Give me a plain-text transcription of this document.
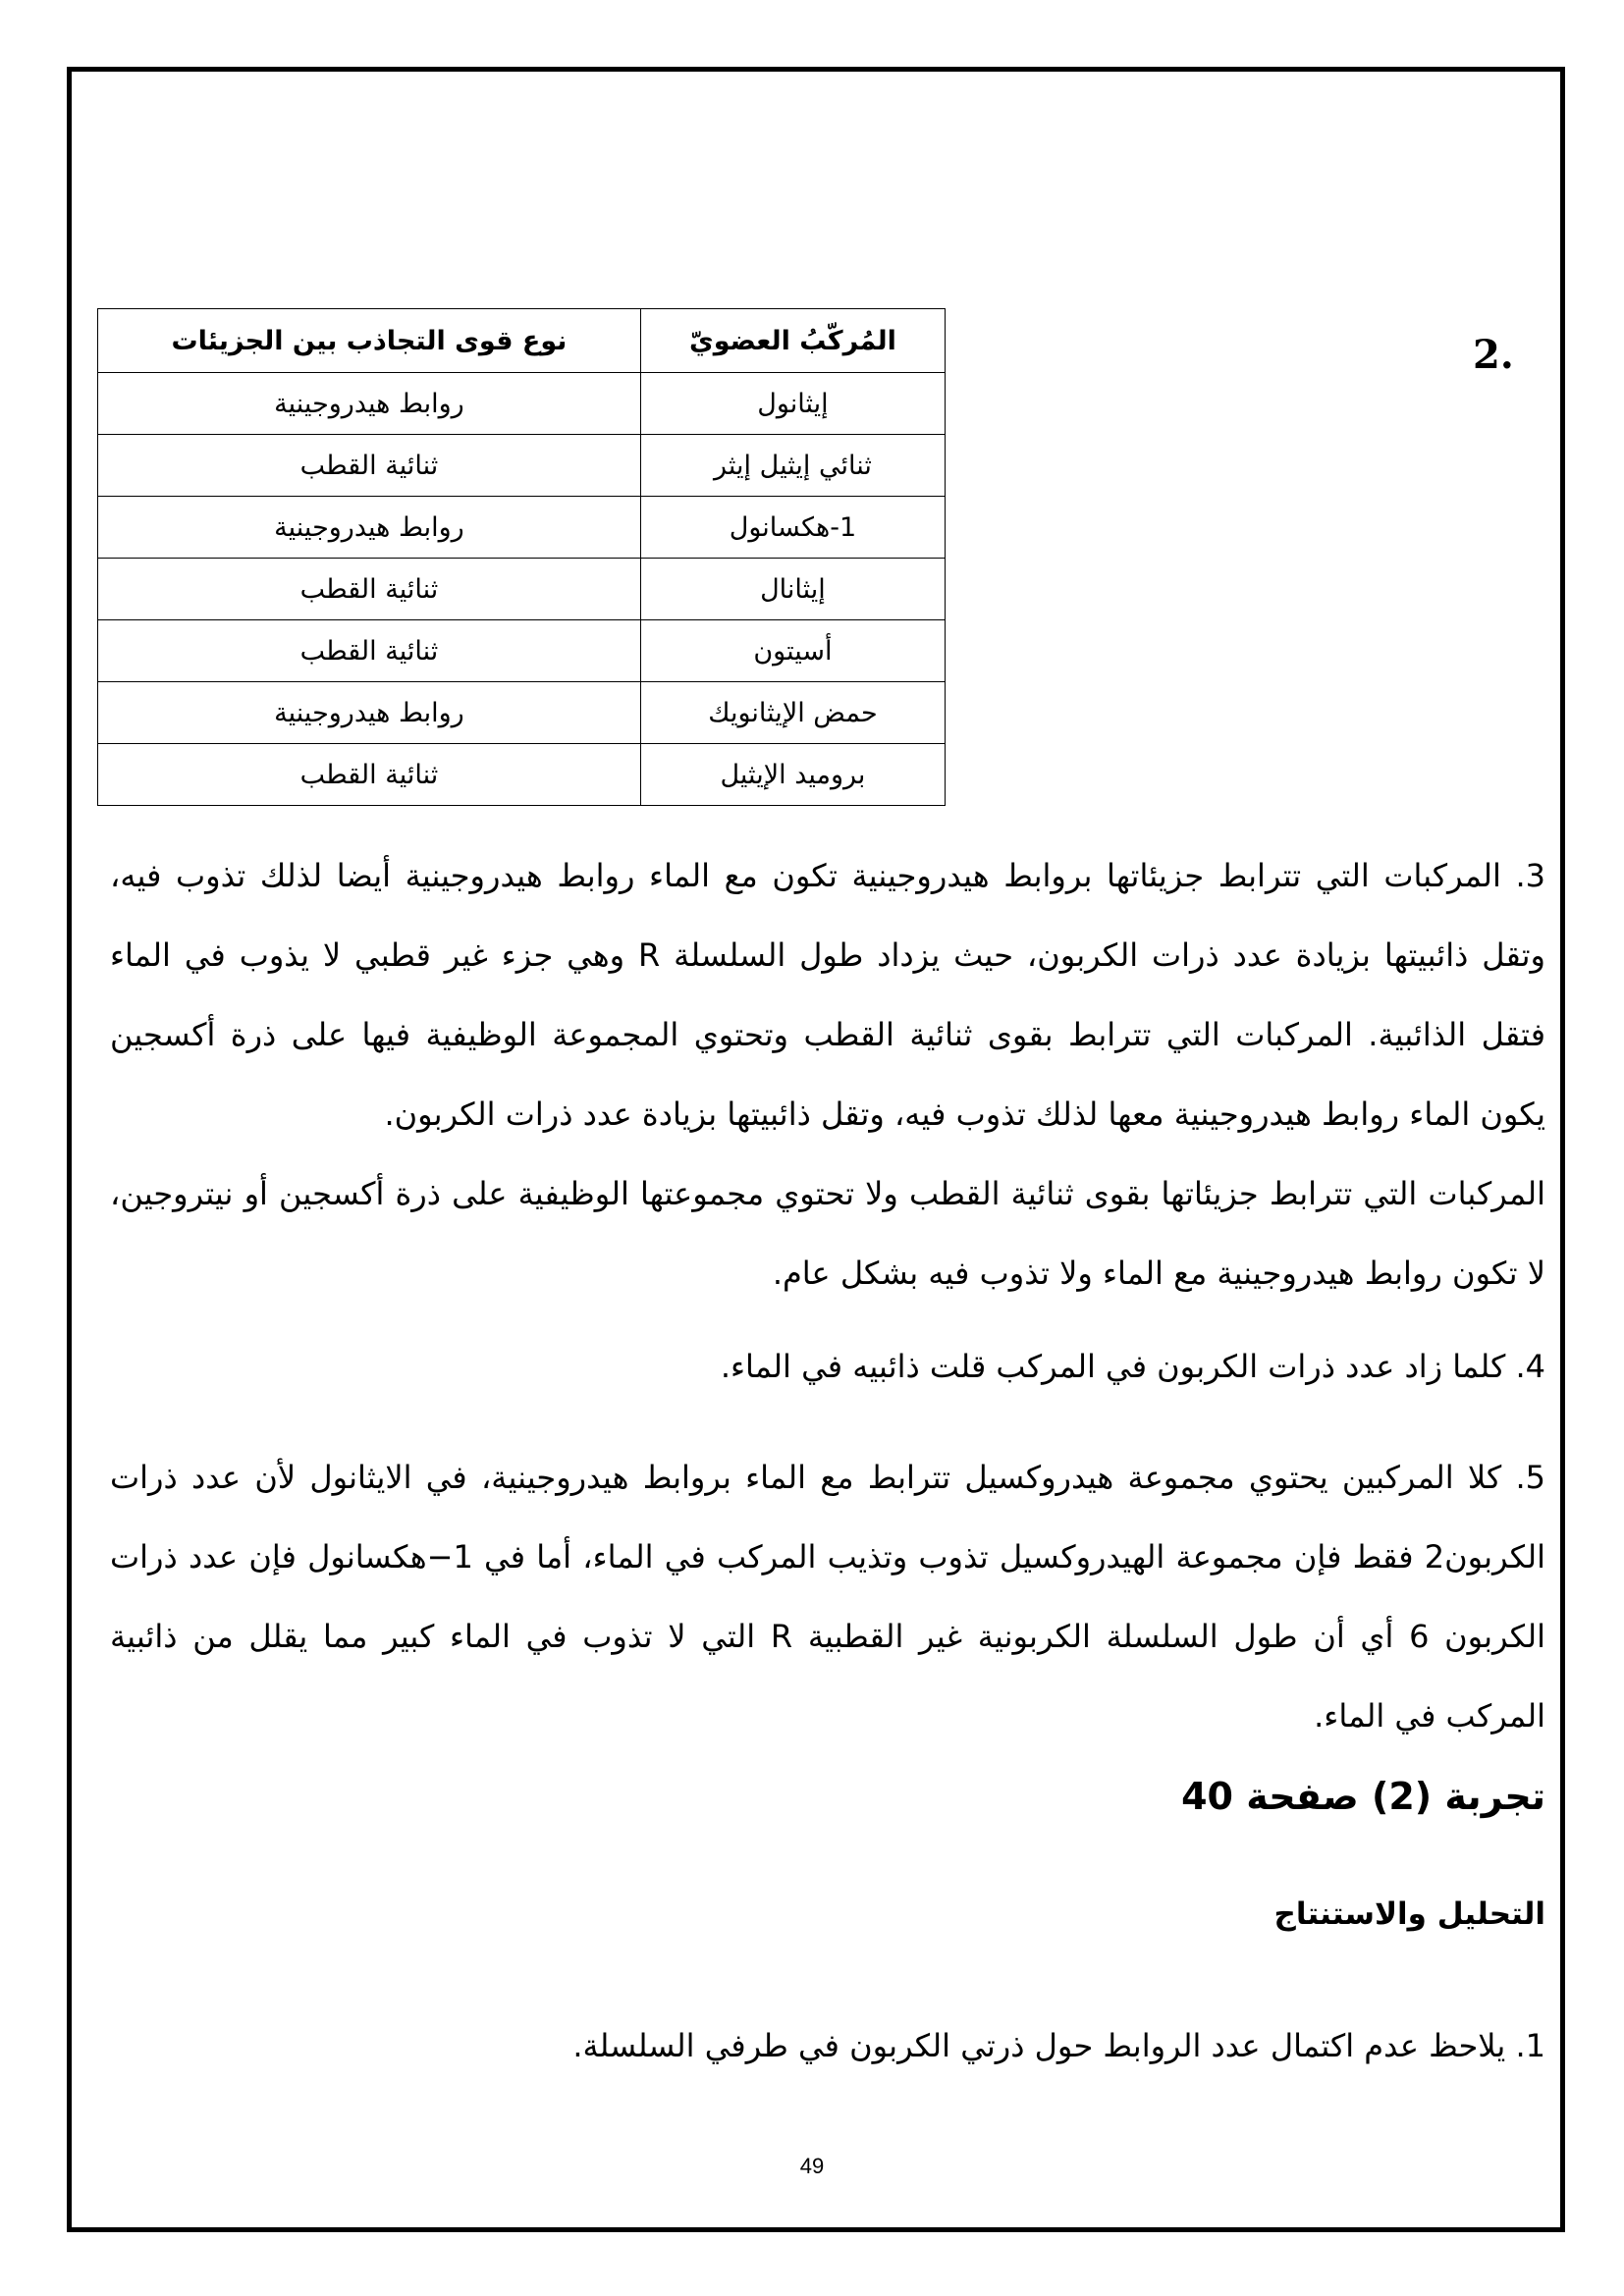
2.
المُركّبُ العضويّ	نوع قوى التجاذب بين الجزيئات
إيثانول	روابط هيدروجينية
ثنائي إيثيل إيثر	ثنائية القطب
1-هكسانول	روابط هيدروجينية
إيثانال	ثنائية القطب
أسيتون	ثنائية القطب
حمض الإيثانويك	روابط هيدروجينية
بروميد الإيثيل	ثنائية القطب

3. المركبات التي تترابط جزيئاتها بروابط هيدروجينية تكون مع الماء روابط هيدروجينية أيضا لذلك تذوب فيه، وتقل ذائبيتها بزيادة عدد ذرات الكربون، حيث يزداد طول السلسلة R وهي جزء غير قطبي لا يذوب في الماء فتقل الذائبية. المركبات التي تترابط بقوى ثنائية القطب وتحتوي المجموعة الوظيفية فيها على ذرة أكسجين يكون الماء روابط هيدروجينية معها لذلك تذوب فيه، وتقل ذائبيتها بزيادة عدد ذرات الكربون.

المركبات التي تترابط جزيئاتها بقوى ثنائية القطب ولا تحتوي مجموعتها الوظيفية على ذرة أكسجين أو نيتروجين، لا تكون روابط هيدروجينية مع الماء ولا تذوب فيه بشكل عام.

4. كلما زاد عدد ذرات الكربون في المركب قلت ذائبيه في الماء.

5. كلا المركبين يحتوي مجموعة هيدروكسيل تترابط مع الماء بروابط هيدروجينية، في الايثانول لأن عدد ذرات الكربون2 فقط فإن مجموعة الهيدروكسيل تذوب وتذيب المركب في الماء، أما في 1−هكسانول فإن عدد ذرات الكربون 6 أي أن طول السلسلة الكربونية غير القطبية R التي لا تذوب في الماء كبير مما يقلل من ذائبية المركب في الماء.

تجربة (2) صفحة 40
التحليل والاستنتاج

1. يلاحظ عدم اكتمال عدد الروابط حول ذرتي الكربون في طرفي السلسلة.

49
